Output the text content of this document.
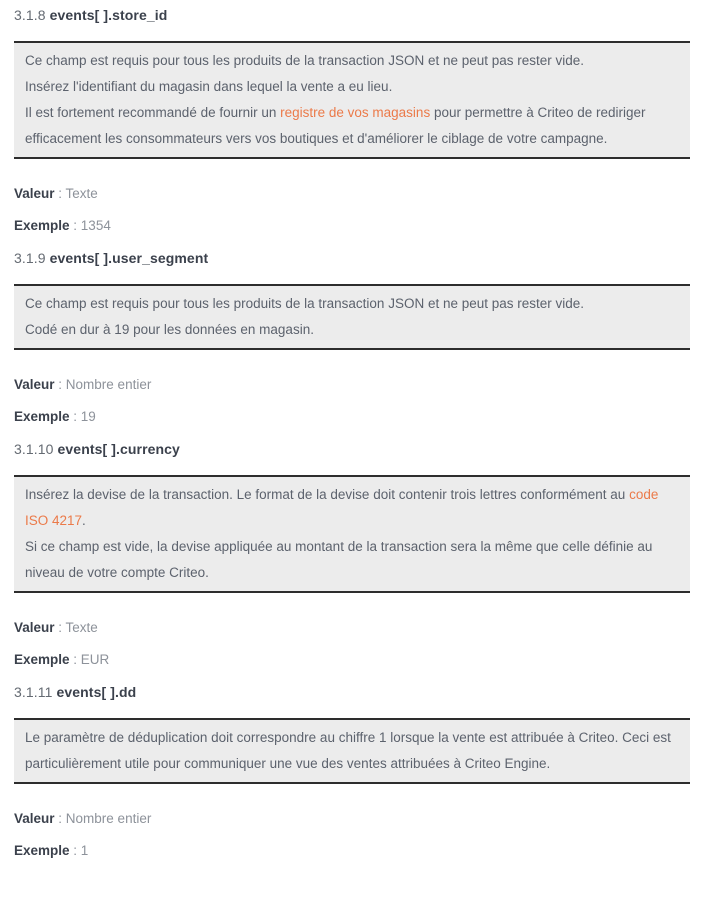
3.1.8 events[ ].store_id

Ce champ est requis pour tous les produits de la transaction JSON et ne peut pas rester vide.

Insérez l'identifiant du magasin dans lequel la vente a eu lieu.

Il est fortement recommandé de fournir un registre de vos magasins pour permettre à Criteo de rediriger efficacement les consommateurs vers vos boutiques et d'améliorer le ciblage de votre campagne.

Valeur : Texte

Exemple : 1354

3.1.9 events[ ].user_segment

Ce champ est requis pour tous les produits de la transaction JSON et ne peut pas rester vide.

Codé en dur à 19 pour les données en magasin.

Valeur : Nombre entier

Exemple : 19

3.1.10 events[ ].currency

Insérez la devise de la transaction. Le format de la devise doit contenir trois lettres conformément au code ISO 4217.

Si ce champ est vide, la devise appliquée au montant de la transaction sera la même que celle définie au niveau de votre compte Criteo.

Valeur : Texte

Exemple : EUR

3.1.11 events[ ].dd

Le paramètre de déduplication doit correspondre au chiffre 1 lorsque la vente est attribuée à Criteo. Ceci est particulièrement utile pour communiquer une vue des ventes attribuées à Criteo Engine.

Valeur : Nombre entier

Exemple : 1
